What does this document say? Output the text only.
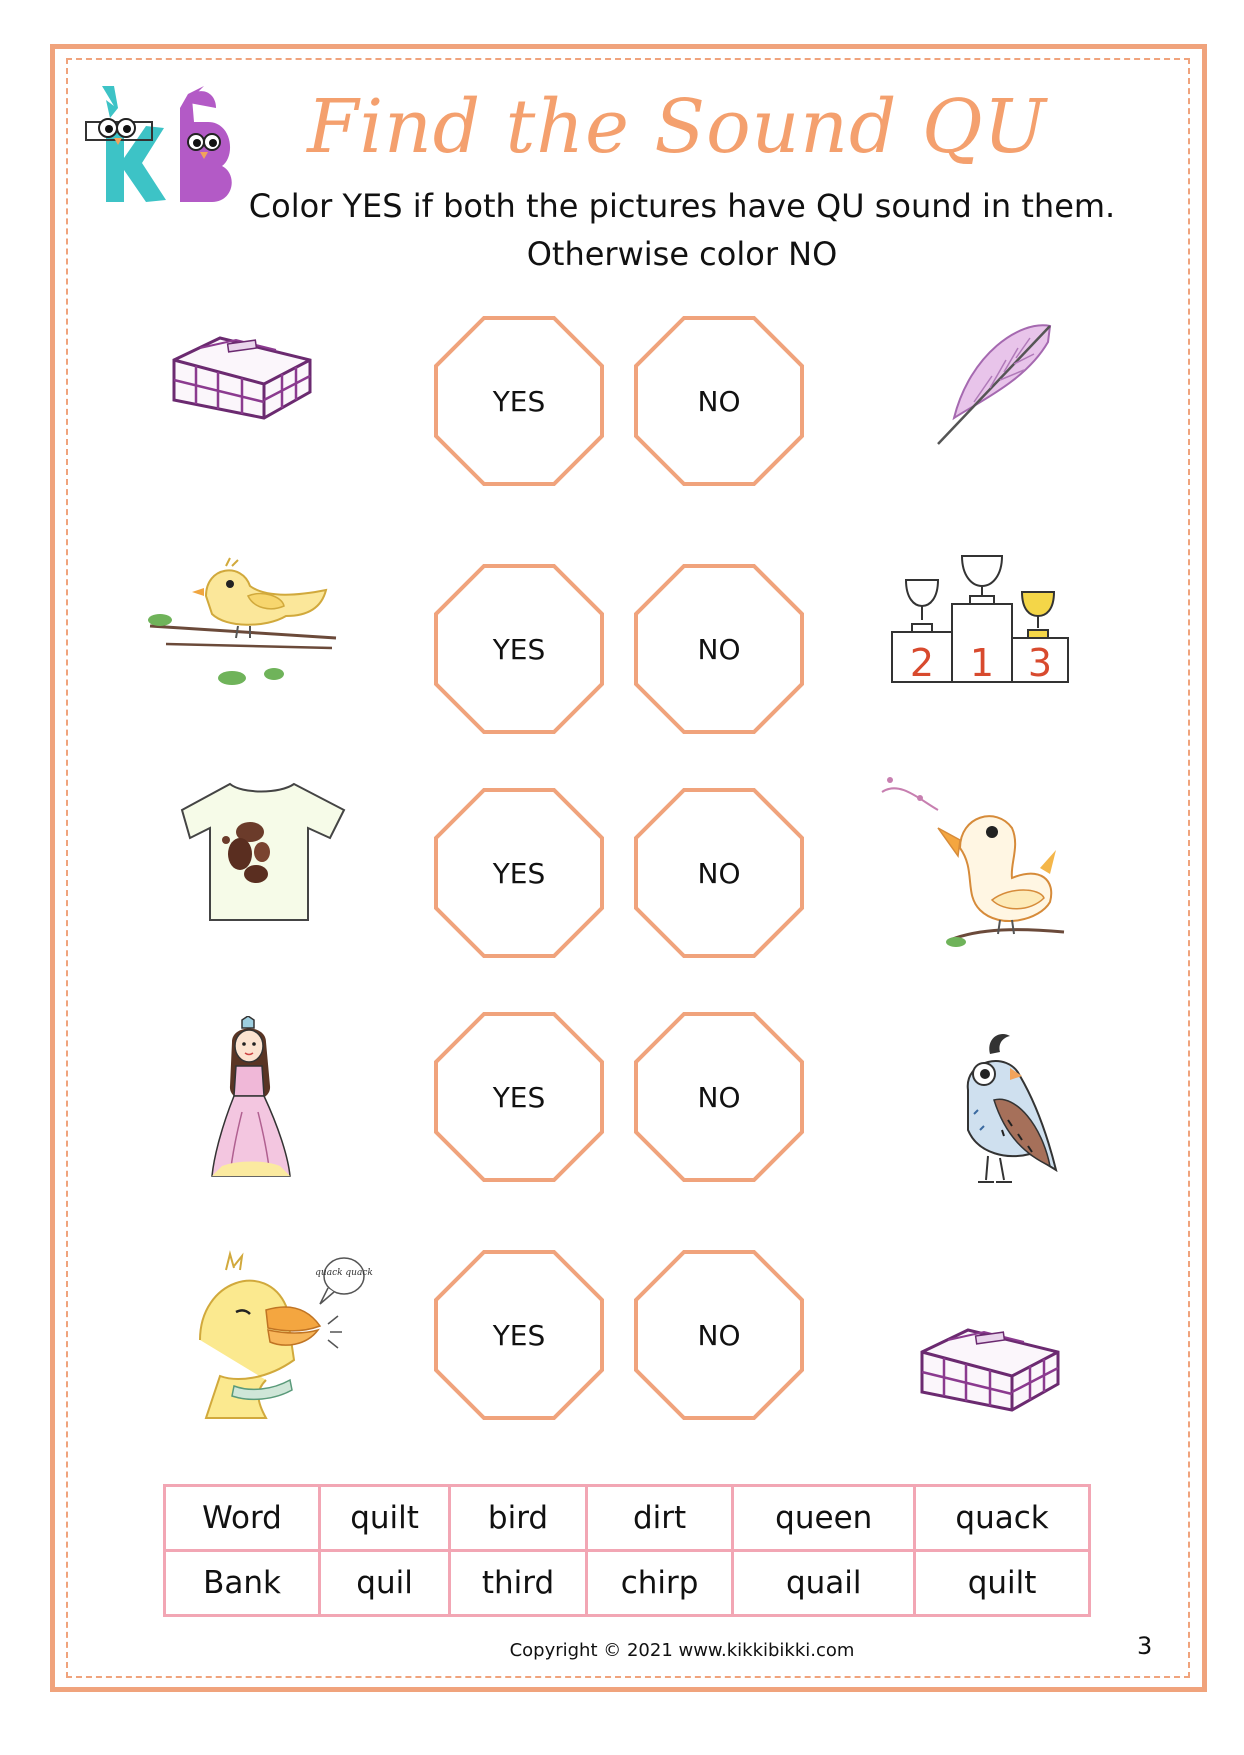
Find the Sound QU
Color YES if both the pictures have QU sound in them.
Otherwise color NO
YES	NO
2 1 3
YES	NO
YES	NO
YES	NO
quack quack
YES	NO
Word	quilt	bird	dirt	queen	quack
Bank	quil	third	chirp	quail	quilt
Copyright © 2021 www.kikkibikki.com	3
